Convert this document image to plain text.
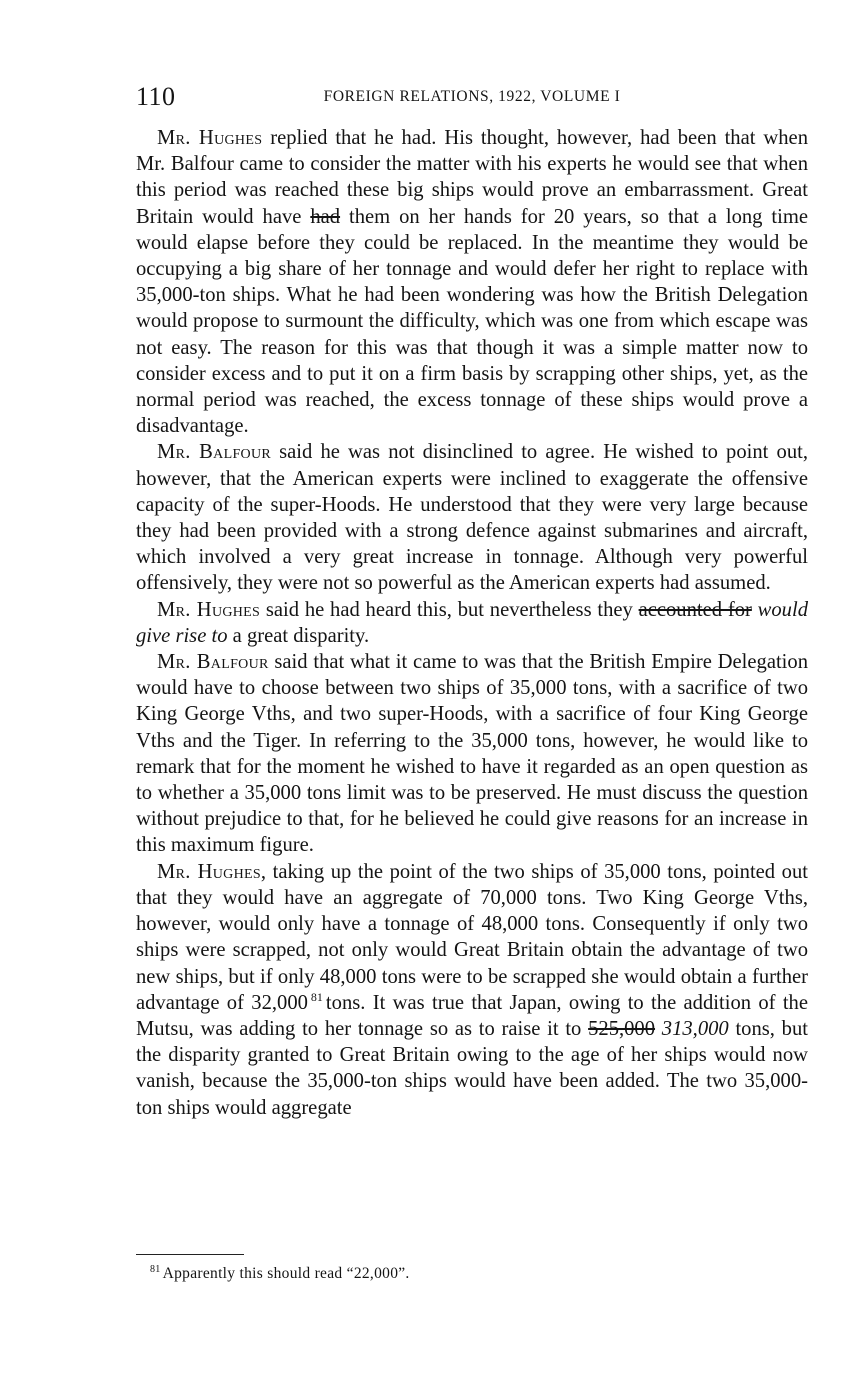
110	FOREIGN RELATIONS, 1922, VOLUME I

Mr. Hughes replied that he had. His thought, however, had been that when Mr. Balfour came to consider the matter with his experts he would see that when this period was reached these big ships would prove an embarrassment. Great Britain would have had them on her hands for 20 years, so that a long time would elapse before they could be replaced. In the meantime they would be occupying a big share of her tonnage and would defer her right to replace with 35,000-ton ships. What he had been wondering was how the British Delegation would propose to surmount the difficulty, which was one from which escape was not easy. The reason for this was that though it was a simple matter now to consider excess and to put it on a firm basis by scrapping other ships, yet, as the normal period was reached, the excess tonnage of these ships would prove a disadvantage.

Mr. Balfour said he was not disinclined to agree. He wished to point out, however, that the American experts were inclined to exaggerate the offensive capacity of the super-Hoods. He understood that they were very large because they had been provided with a strong defence against submarines and aircraft, which involved a very great increase in tonnage. Although very powerful offensively, they were not so powerful as the American experts had assumed.

Mr. Hughes said he had heard this, but nevertheless they accounted for would give rise to a great disparity.

Mr. Balfour said that what it came to was that the British Empire Delegation would have to choose between two ships of 35,000 tons, with a sacrifice of two King George Vths, and two super-Hoods, with a sacrifice of four King George Vths and the Tiger. In referring to the 35,000 tons, however, he would like to remark that for the moment he wished to have it regarded as an open question as to whether a 35,000 tons limit was to be preserved. He must discuss the question without prejudice to that, for he believed he could give reasons for an increase in this maximum figure.

Mr. Hughes, taking up the point of the two ships of 35,000 tons, pointed out that they would have an aggregate of 70,000 tons. Two King George Vths, however, would only have a tonnage of 48,000 tons. Consequently if only two ships were scrapped, not only would Great Britain obtain the advantage of two new ships, but if only 48,000 tons were to be scrapped she would obtain a further advantage of 32,000 $^{81}$ tons. It was true that Japan, owing to the addition of the Mutsu, was adding to her tonnage so as to raise it to 525,000 313,000 tons, but the disparity granted to Great Britain owing to the age of her ships would now vanish, because the 35,000-ton ships would have been added. The two 35,000-ton ships would aggregate

$^{81}$ Apparently this should read “22,000”.
